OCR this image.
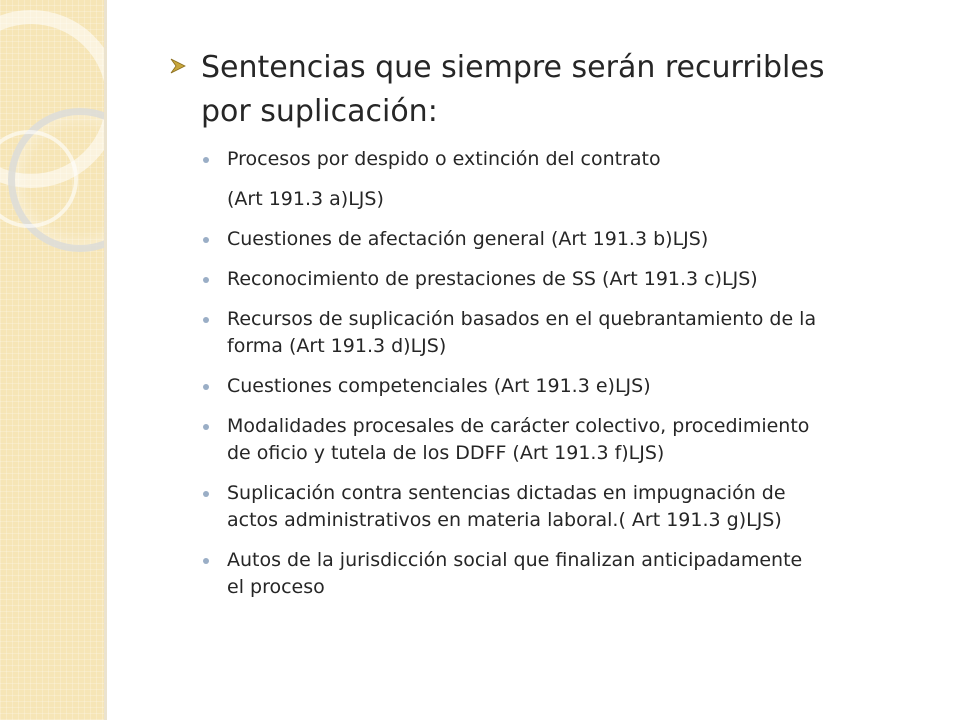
Sentencias que siempre serán recurribles
por suplicación:
Procesos por despido o extinción del contrato
(Art 191.3 a)LJS)
Cuestiones de afectación general (Art 191.3 b)LJS)
Reconocimiento de prestaciones de SS (Art 191.3 c)LJS)
Recursos de suplicación basados en el quebrantamiento de la
forma (Art 191.3 d)LJS)
Cuestiones competenciales (Art 191.3 e)LJS)
Modalidades procesales de carácter colectivo, procedimiento
de oficio y tutela de los DDFF (Art 191.3 f)LJS)
Suplicación contra sentencias dictadas en impugnación de
actos administrativos en materia laboral.( Art 191.3 g)LJS)
Autos de la jurisdicción social que finalizan anticipadamente
el proceso
